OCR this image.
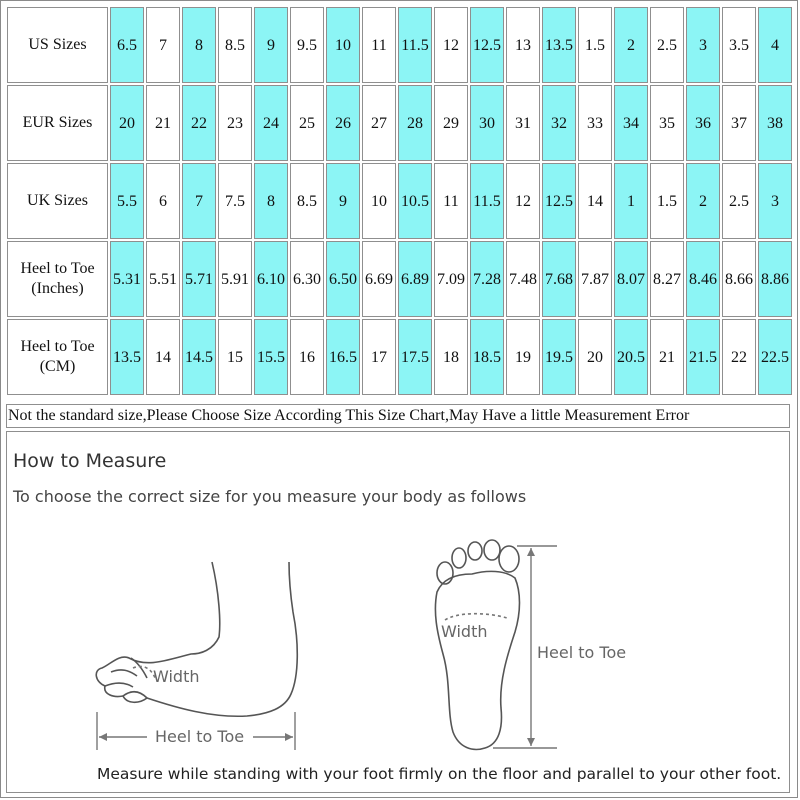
US Sizes	6.5	7	8	8.5	9	9.5	10	11	11.5	12	12.5	13	13.5	1.5	2	2.5	3	3.5	4
EUR Sizes	20	21	22	23	24	25	26	27	28	29	30	31	32	33	34	35	36	37	38
UK Sizes	5.5	6	7	7.5	8	8.5	9	10	10.5	11	11.5	12	12.5	14	1	1.5	2	2.5	3
Heel to Toe (Inches)	5.31	5.51	5.71	5.91	6.10	6.30	6.50	6.69	6.89	7.09	7.28	7.48	7.68	7.87	8.07	8.27	8.46	8.66	8.86
Heel to Toe (CM)	13.5	14	14.5	15	15.5	16	16.5	17	17.5	18	18.5	19	19.5	20	20.5	21	21.5	22	22.5
Not the standard size,Please Choose Size According This Size Chart,May Have a little Measurement Error
How to Measure
To choose the correct size for you measure your body as follows
Width
Heel to Toe
Width
Heel to Toe
Measure while standing with your foot firmly on the floor and parallel to your other foot.
